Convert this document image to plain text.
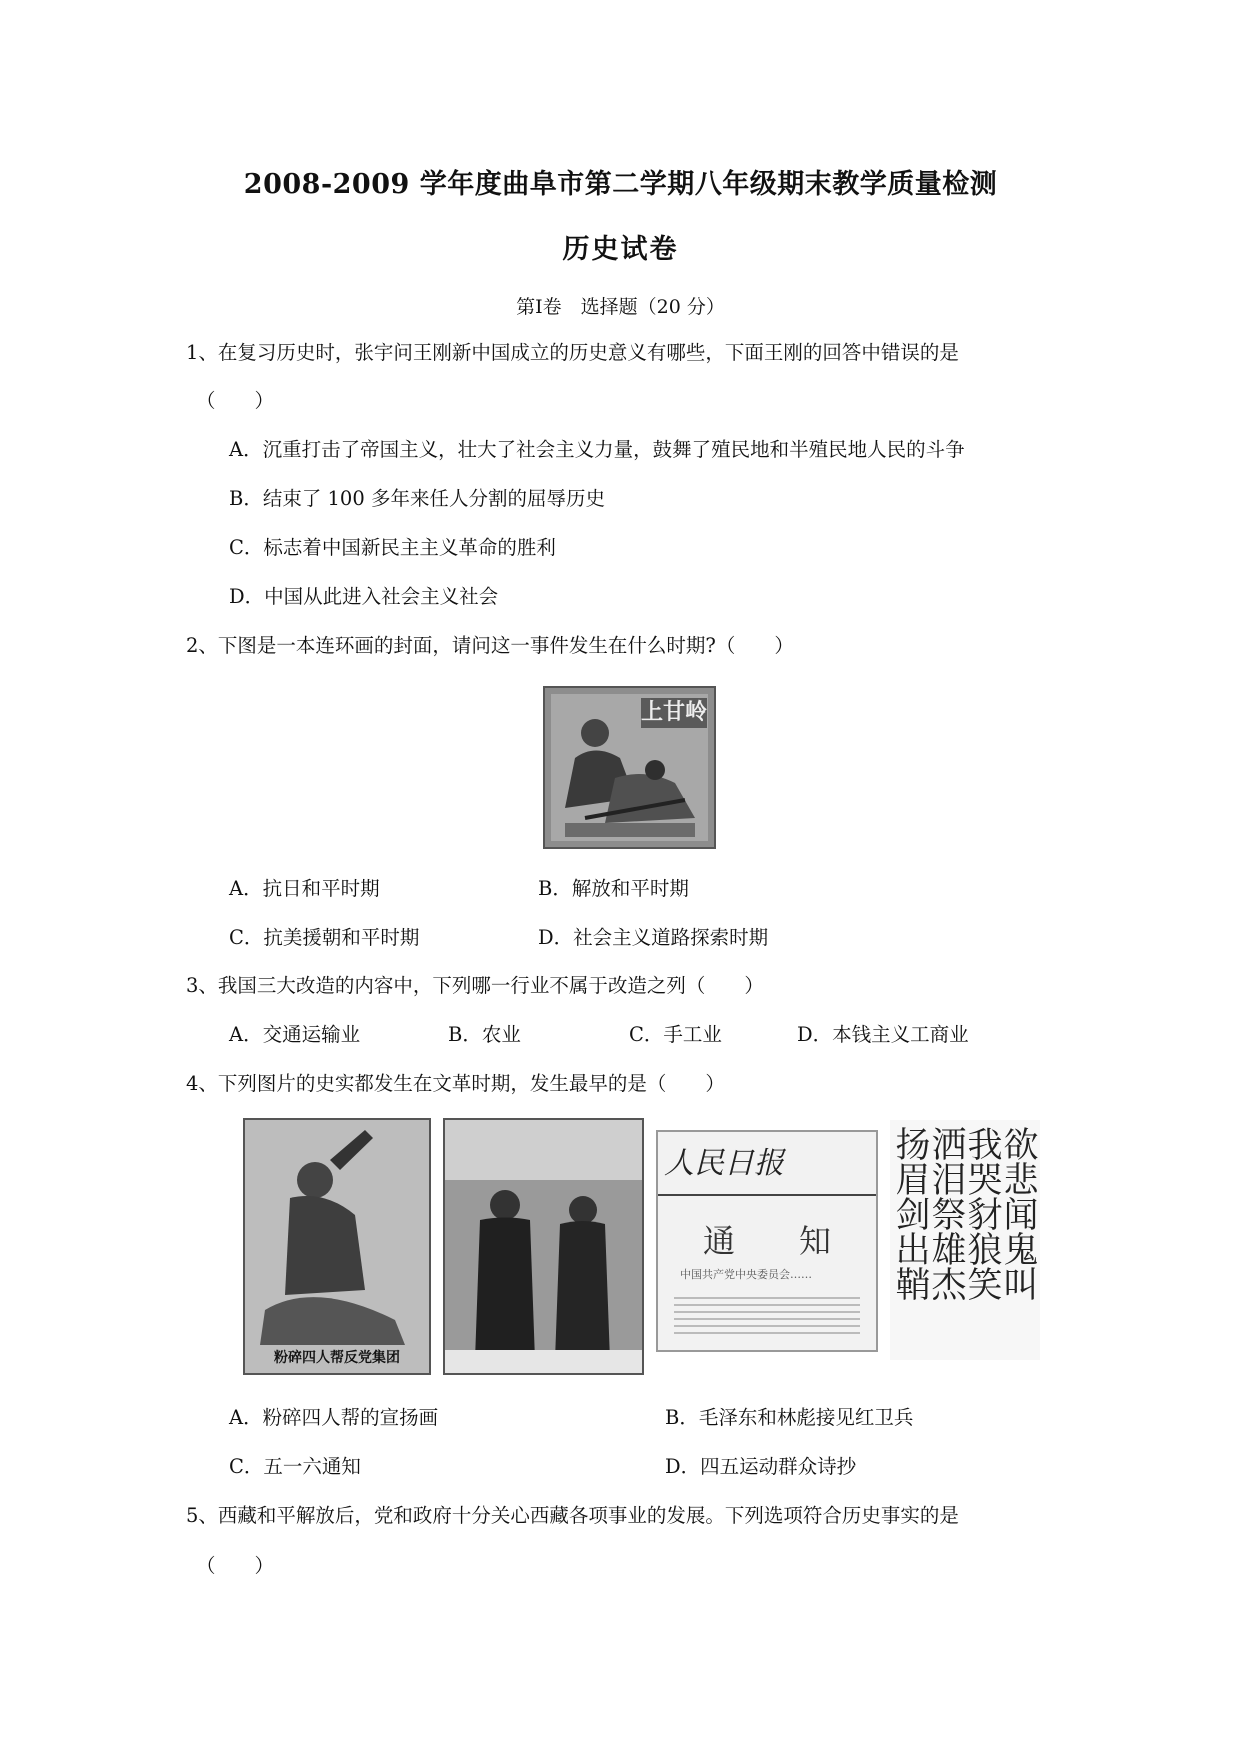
2008-2009 学年度曲阜市第二学期八年级期末教学质量检测
历史试卷
第Ⅰ卷　选择题（20 分）
1、在复习历史时，张宇问王刚新中国成立的历史意义有哪些，下面王刚的回答中错误的是
（　　）
A．沉重打击了帝国主义，壮大了社会主义力量，鼓舞了殖民地和半殖民地人民的斗争
B．结束了 100 多年来任人分割的屈辱历史
C．标志着中国新民主主义革命的胜利
D．中国从此进入社会主义社会
2、下图是一本连环画的封面，请问这一事件发生在什么时期?（　　）
上甘岭
A．抗日和平时期	B．解放和平时期
C．抗美援朝和平时期	D．社会主义道路探索时期
3、我国三大改造的内容中，下列哪一行业不属于改造之列（　　）
A．交通运输业	B．农业	C．手工业	D．本钱主义工商业
4、下列图片的史实都发生在文革时期，发生最早的是（　　）
粉碎四人帮反党集团
人民日报
通　　知
中国共产党中央委员会……	欲悲闻鬼叫
我哭豺狼笑
洒泪祭雄杰
扬眉剑出鞘
A．粉碎四人帮的宣扬画	B．毛泽东和林彪接见红卫兵
C．五一六通知	D．四五运动群众诗抄
5、西藏和平解放后，党和政府十分关心西藏各项事业的发展。下列选项符合历史事实的是
（　　）
